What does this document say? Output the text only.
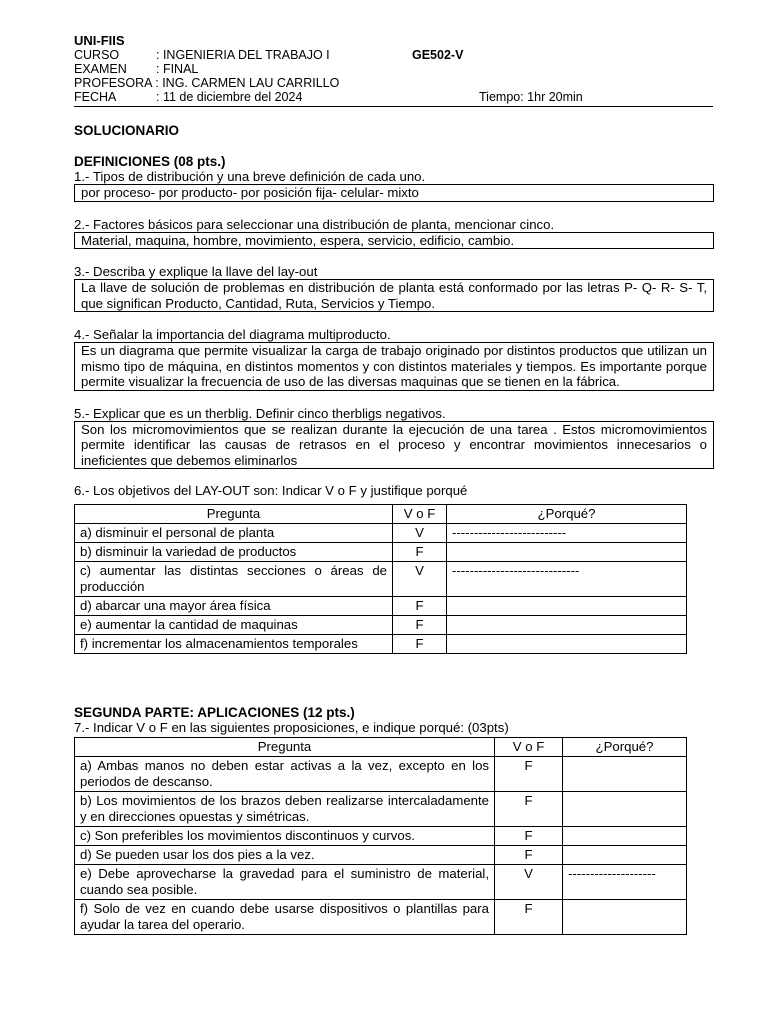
UNI-FIIS
CURSO	: INGENIERIA DEL TRABAJO I	GE502-V
EXAMEN : FINAL
PROFESORA : ING. CARMEN LAU CARRILLO
FECHA	: 11 de diciembre del 2024	Tiempo: 1hr 20min
SOLUCIONARIO
DEFINICIONES (08 pts.)
1.- Tipos de distribución y una breve definición de cada uno.
por proceso- por producto- por posición fija- celular- mixto
2.- Factores básicos para seleccionar una distribución de planta, mencionar cinco.
Material, maquina, hombre, movimiento, espera, servicio, edificio, cambio.
3.- Describa y explique la llave del lay-out
La llave de solución de problemas en distribución de planta está conformado por las letras P- Q- R- S- T, que significan Producto, Cantidad, Ruta, Servicios y Tiempo.
4.- Señalar la importancia del diagrama multiproducto.
Es un diagrama que permite visualizar la carga de trabajo originado por distintos productos que utilizan un mismo tipo de máquina, en distintos momentos y con distintos materiales y tiempos. Es importante porque permite visualizar la frecuencia de uso de las diversas maquinas que se tienen en la fábrica.
5.- Explicar que es un therblig. Definir cinco therbligs negativos.
Son los micromovimientos que se realizan durante la ejecución de una tarea . Estos micromovimientos permite identificar las causas de retrasos en el proceso y encontrar movimientos innecesarios o ineficientes que debemos eliminarlos
6.- Los objetivos del LAY-OUT son: Indicar V o F y justifique porqué
Pregunta	V o F	¿Porqué?
a) disminuir el personal de planta	V	--------------------------
b) disminuir la variedad de productos	F	
c) aumentar las distintas secciones o áreas de producción	V	-----------------------------
d) abarcar una mayor área física	F	
e) aumentar la cantidad de maquinas	F	
f) incrementar los almacenamientos temporales	F	
SEGUNDA PARTE: APLICACIONES (12 pts.)
7.- Indicar V o F en las siguientes proposiciones, e indique porqué: (03pts)
Pregunta	V o F	¿Porqué?
a) Ambas manos no deben estar activas a la vez, excepto en los periodos de descanso.	F	
b) Los movimientos de los brazos deben realizarse intercaladamente y en direcciones opuestas y simétricas.	F	
c) Son preferibles los movimientos discontinuos y curvos.	F	
d) Se pueden usar los dos pies a la vez.	F	
e) Debe aprovecharse la gravedad para el suministro de material, cuando sea posible.	V	--------------------
f) Solo de vez en cuando debe usarse dispositivos o plantillas para ayudar la tarea del operario.	F	
